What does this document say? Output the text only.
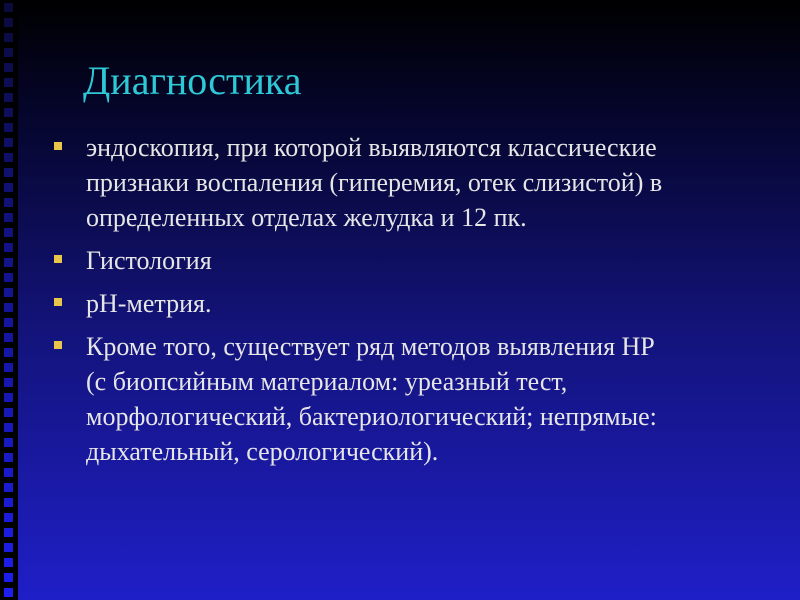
Диагностика
эндоскопия, при которой выявляются классические
признаки воспаления (гиперемия, отек слизистой) в
определенных отделах желудка и 12 пк.
Гистология
pH-метрия.
Кроме того, существует ряд методов выявления HP
(с биопсийным материалом: уреазный тест,
морфологический, бактериологический; непрямые:
дыхательный, серологический).
